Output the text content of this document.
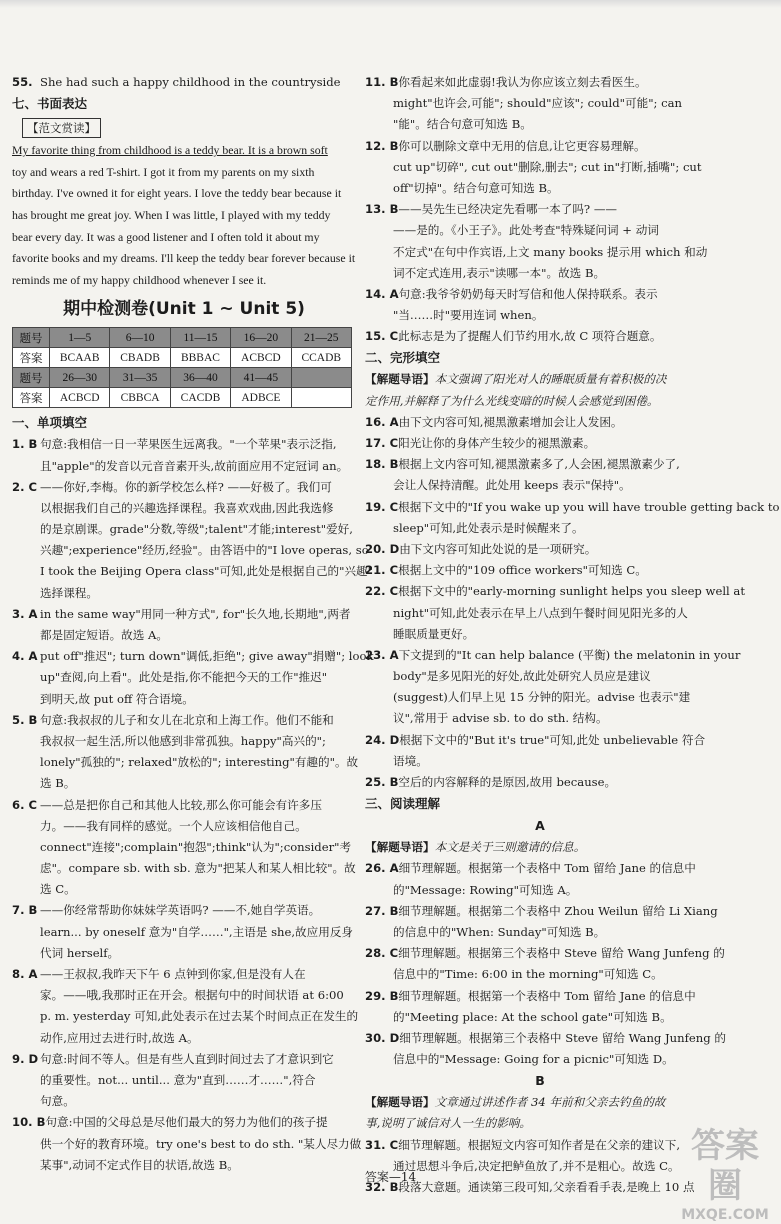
55. She had such a happy childhood in the countryside
七、书面表达
【范文赏读】
My favorite thing from childhood is a teddy bear. It is a brown soft
toy and wears a red T-shirt. I got it from my parents on my sixth
birthday. I've owned it for eight years. I love the teddy bear because it
has brought me great joy. When I was little, I played with my teddy
bear every day. It was a good listener and I often told it about my
favorite books and my dreams. I'll keep the teddy bear forever because it
reminds me of my happy childhood whenever I see it.
期中检测卷(Unit 1 ~ Unit 5)
题号	1—5	6—10	11—15	16—20	21—25
答案	BCAAB	CBADB	BBBAC	ACBCD	CCADB
题号	26—30	31—35	36—40	41—45	
答案	ACBCD	CBBCA	CACDB	ADBCE	
一、单项填空
1. B 句意:我相信一日一苹果医生远离我。"一个苹果"表示泛指,
且"apple"的发音以元音音素开头,故前面应用不定冠词 an。
2. C ——你好,李梅。你的新学校怎么样? ——好极了。我们可
以根据我们自己的兴趣选择课程。我喜欢戏曲,因此我选修
的是京剧课。grade"分数,等级";talent"才能;interest"爱好,
兴趣";experience"经历,经验"。由答语中的"I love operas, so
I took the Beijing Opera class"可知,此处是根据自己的"兴趣"
选择课程。
3. A in the same way"用同一种方式", for"长久地,长期地",两者
都是固定短语。故选 A。
4. A put off"推迟"; turn down"调低,拒绝"; give away"捐赠"; look
up"查阅,向上看"。此处是指,你不能把今天的工作"推迟"
到明天,故 put off 符合语境。
5. B 句意:我叔叔的儿子和女儿在北京和上海工作。他们不能和
我叔叔一起生活,所以他感到非常孤独。happy"高兴的";
lonely"孤独的"; relaxed"放松的"; interesting"有趣的"。故
选 B。
6. C ——总是把你自己和其他人比较,那么你可能会有许多压
力。——我有同样的感觉。一个人应该相信他自己。
connect"连接";complain"抱怨";think"认为";consider"考
虑"。compare sb. with sb. 意为"把某人和某人相比较"。故
选 C。
7. B ——你经常帮助你妹妹学英语吗? ——不,她自学英语。
learn... by oneself 意为"自学……",主语是 she,故应用反身
代词 herself。
8. A ——王叔叔,我昨天下午 6 点钟到你家,但是没有人在
家。——哦,我那时正在开会。根据句中的时间状语 at 6:00
p. m. yesterday 可知,此处表示在过去某个时间点正在发生的
动作,应用过去进行时,故选 A。
9. D 句意:时间不等人。但是有些人直到时间过去了才意识到它
的重要性。not... until... 意为"直到……才……",符合
句意。
10. B句意:中国的父母总是尽他们最大的努力为他们的孩子提
供一个好的教育环境。try one's best to do sth. "某人尽力做
某事",动词不定式作目的状语,故选 B。
11. B你看起来如此虚弱!我认为你应该立刻去看医生。
might"也许会,可能"; should"应该"; could"可能"; can
"能"。结合句意可知选 B。
12. B你可以删除文章中无用的信息,让它更容易理解。
cut up"切碎", cut out"删除,删去"; cut in"打断,插嘴"; cut
off"切掉"。结合句意可知选 B。
13. B——吴先生已经决定先看哪一本了吗? ——
——是的。《小王子》。此处考查"特殊疑问词 + 动词
不定式"在句中作宾语,上文 many books 提示用 which 和动
词不定式连用,表示"读哪一本"。故选 B。
14. A句意:我爷爷奶奶每天时写信和他人保持联系。表示
"当……时"要用连词 when。
15. C此标志是为了提醒人们节约用水,故 C 项符合题意。
二、完形填空
【解题导语】本文强调了阳光对人的睡眠质量有着积极的决
定作用,并解释了为什么光线变暗的时候人会感觉到困倦。
16. A由下文内容可知,褪黑激素增加会让人发困。
17. C阳光让你的身体产生较少的褪黑激素。
18. B根据上文内容可知,褪黑激素多了,人会困,褪黑激素少了,
会让人保持清醒。此处用 keeps 表示"保持"。
19. C根据下文中的"If you wake up you will have trouble getting back to
sleep"可知,此处表示是时候醒来了。
20. D由下文内容可知此处说的是一项研究。
21. C根据上文中的"109 office workers"可知选 C。
22. C根据下文中的"early-morning sunlight helps you sleep well at
night"可知,此处表示在早上八点到午餐时间见阳光多的人
睡眠质量更好。
23. A下文提到的"It can help balance (平衡) the melatonin in your
body"是多见阳光的好处,故此处研究人员应是建议
(suggest)人们早上见 15 分钟的阳光。advise 也表示"建
议",常用于 advise sb. to do sth. 结构。
24. D根据下文中的"But it's true"可知,此处 unbelievable 符合
语境。
25. B空后的内容解释的是原因,故用 because。
三、阅读理解
A
【解题导语】本文是关于三则邀请的信息。
26. A细节理解题。根据第一个表格中 Tom 留给 Jane 的信息中
的"Message: Rowing"可知选 A。
27. B细节理解题。根据第二个表格中 Zhou Weilun 留给 Li Xiang
的信息中的"When: Sunday"可知选 B。
28. C细节理解题。根据第三个表格中 Steve 留给 Wang Junfeng 的
信息中的"Time: 6:00 in the morning"可知选 C。
29. B细节理解题。根据第一个表格中 Tom 留给 Jane 的信息中
的"Meeting place: At the school gate"可知选 B。
30. D细节理解题。根据第三个表格中 Steve 留给 Wang Junfeng 的
信息中的"Message: Going for a picnic"可知选 D。
B
【解题导语】文章通过讲述作者 34 年前和父亲去钓鱼的故
事,说明了诚信对人一生的影响。
31. C细节理解题。根据短文内容可知作者是在父亲的建议下,
通过思想斗争后,决定把鲈鱼放了,并不是粗心。故选 C。
32. B段落大意题。通读第三段可知,父亲看看手表,是晚上 10 点
答案—14
答案圈
MXQE.COM
